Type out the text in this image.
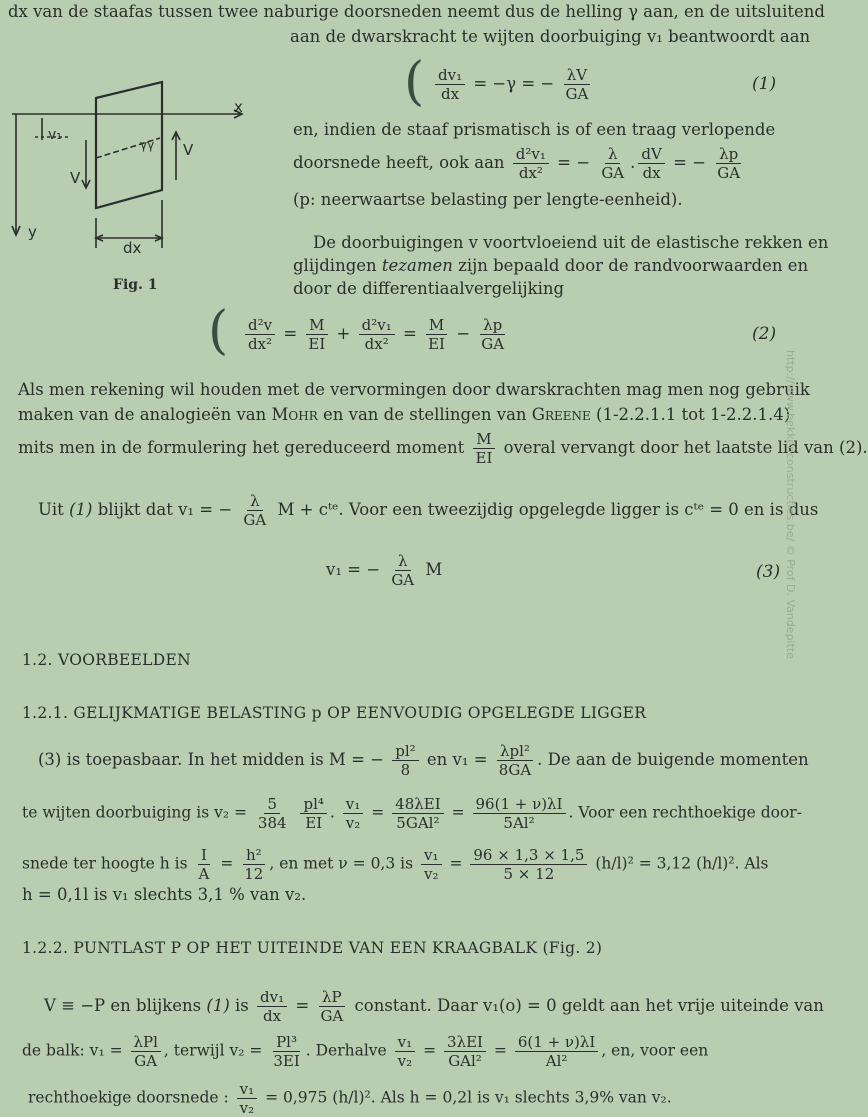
dx van de staafas tussen twee naburige doorsneden neemt dus de helling γ aan, en de uitsluitend
aan de dwarskracht te wijten doorbuiging v₁ beantwoordt aan
( $\frac{\text{dv₁}}{dx} = -\gamma$ = − $\frac{\lambda V}{GA}$	(1)
x
y
v₁
γγ
V
V
dx
Fig. 1
en, indien de staaf prismatisch is of een traag verlopende
doorsnede heeft, ook aan $\frac{\text{d²v₁}}{\text{dx²}}$ = − $\frac{\lambda}{GA}$ . $\frac{dV}{dx}$ = − $\frac{\lambda p}{GA}$
(p: neerwaartse belasting per lengte-eenheid).
De doorbuigingen v voortvloeiend uit de elastische rekken en
glijdingen tezamen zijn bepaald door de randvoorwaarden en
door de differentiaalvergelijking
( $\frac{\text{d²v}}{\text{dx²}} = \frac{M}{EI} + \frac{\text{d²v₁}}{\text{dx²}} = \frac{M}{EI} - \frac{\lambda p}{GA}$	(2)
Als men rekening wil houden met de vervormingen door dwarskrachten mag men nog gebruik
maken van de analogieën van Mohr en van de stellingen van Greene (1-2.2.1.1 tot 1-2.2.1.4)
mits men in de formulering het gereduceerd moment $\frac{M}{EI}$ overal vervangt door het laatste lid van (2).
Uit (1) blijkt dat v₁ = − $\frac{\lambda}{GA}$ M + cᵗᵉ. Voor een tweezijdig opgelegde ligger is cᵗᵉ = 0 en is dus
v₁ = − $\frac{\lambda}{GA}$ M	(3)
1.2. VOORBEELDEN
1.2.1. GELIJKMATIGE BELASTING p OP EENVOUDIG OPGELEGDE LIGGER
(3) is toepasbaar. In het midden is M = − $\frac{\text{pl²}}{8}$ en $v_1 = \frac{\text{λpl²}}{8GA}$ . De aan de buigende momenten
te wijten doorbuiging is $v_2 = \frac{5}{384}$
$\frac{\text{pl⁴}}{EI}$ . $\frac{\text{v₁}}{\text{v₂}} = \frac{\text{48λEI}}{\text{5GAl²}} = \frac{96(1 + \nu)\lambda I}{\text{5Al²}}$ . Voor een rechthoekige door-
snede ter hoogte h is $\frac{I}{A} = \frac{\text{h²}}{12}$ , en met ν = 0,3 is $\frac{\text{v₁}}{\text{v₂}} = \frac{96 \times 1,3 \times 1,5}{5 \times 12} (h/l)^2 = 3,12$ (h/l)². Als
h = 0,1l is v₁ slechts 3,1 % van v₂.
1.2.2. PUNTLAST P OP HET UITEINDE VAN EEN KRAAGBALK (Fig. 2)
V ≡ −P en blijkens (1) is $\frac{\text{dv₁}}{dx} = \frac{\lambda P}{GA}$ constant. Daar v₁(o) = 0 geldt aan het vrije uiteinde van
de balk: $v_1 = \frac{\text{λPl}}{GA}$ , terwijl $v_2 = \frac{\text{Pl³}}{3EI}$ . Derhalve $\frac{\text{v₁}}{\text{v₂}} = \frac{\text{3λEI}}{\text{GAl²}} = \frac{6(1 + \nu)\lambda I}{\text{Al²}}$ , en, voor een
rechthoekige doorsnede : $\frac{\text{v₁}}{\text{v₂}} = 0,975$ (h/l)². Als h = 0,2l is v₁ slechts 3,9% van v₂.
http://www.bekkenconstructies.be/ © Prof D. Vandepitte
